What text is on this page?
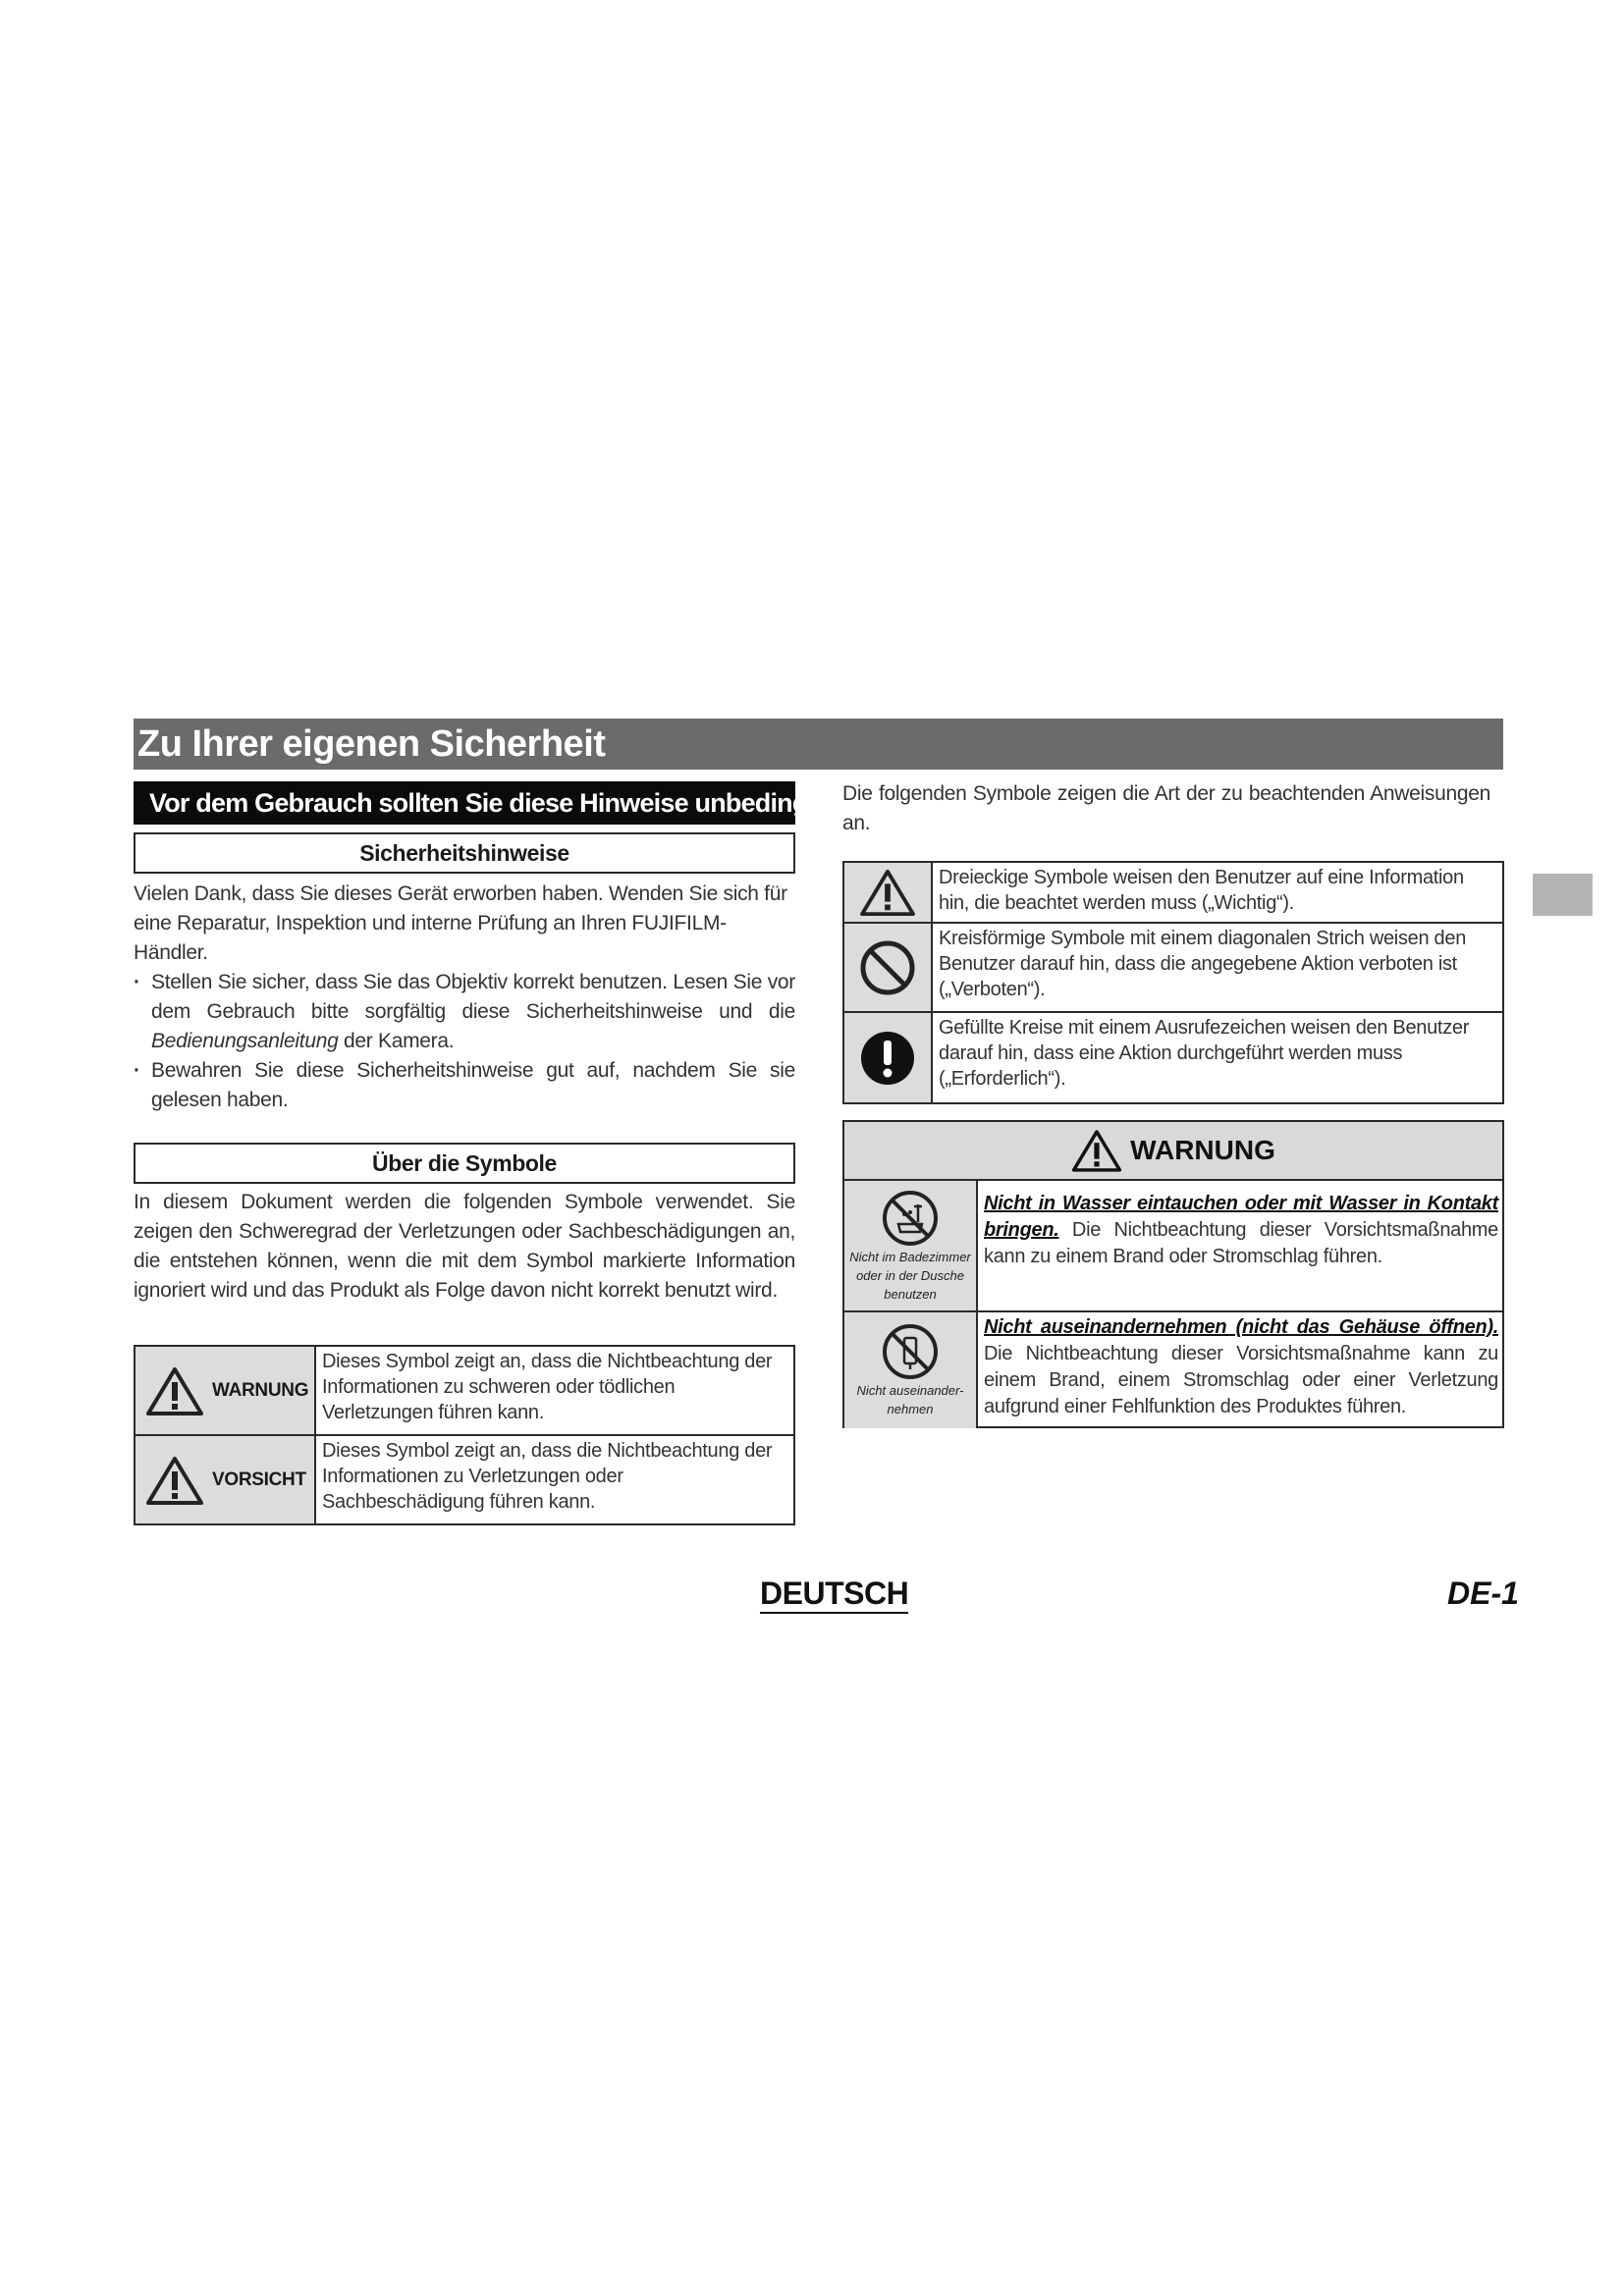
Zu Ihrer eigenen Sicherheit
Vor dem Gebrauch sollten Sie diese Hinweise unbedingt lesen
Sicherheitshinweise
Vielen Dank, dass Sie dieses Gerät erworben haben. Wenden Sie sich für eine Reparatur, Inspektion und interne Prüfung an Ihren FUJIFILM-Händler.
· Stellen Sie sicher, dass Sie das Objektiv korrekt benutzen. Lesen Sie vor dem Gebrauch bitte sorgfältig diese Sicherheitshinweise und die Bedienungsanleitung der Kamera.
· Bewahren Sie diese Sicherheitshinweise gut auf, nachdem Sie sie gelesen haben.
Über die Symbole
In diesem Dokument werden die folgenden Symbole verwendet. Sie zeigen den Schweregrad der Verletzungen oder Sachbeschädigungen an, die entstehen können, wenn die mit dem Symbol markierte Information ignoriert wird und das Produkt als Folge davon nicht korrekt benutzt wird.
WARNUNG
Dieses Symbol zeigt an, dass die Nichtbeachtung der Informationen zu schweren oder tödlichen Verletzungen führen kann.
VORSICHT
Dieses Symbol zeigt an, dass die Nichtbeachtung der Informationen zu Verletzungen oder Sachbeschädigung führen kann.
Die folgenden Symbole zeigen die Art der zu beachtenden Anweisungen an.
Dreieckige Symbole weisen den Benutzer auf eine Information hin, die beachtet werden muss („Wichtig“).
Kreisförmige Symbole mit einem diagonalen Strich weisen den Benutzer darauf hin, dass die angegebene Aktion verboten ist („Verboten“).
Gefüllte Kreise mit einem Ausrufezeichen weisen den Benutzer darauf hin, dass eine Aktion durchgeführt werden muss („Erforderlich“).
WARNUNG
Nicht im Badezimmer oder in der Dusche benutzen
Nicht in Wasser eintauchen oder mit Wasser in Kontakt bringen. Die Nichtbeachtung dieser Vorsichtsmaßnahme kann zu einem Brand oder Stromschlag führen.
Nicht auseinander-nehmen
Nicht auseinandernehmen (nicht das Gehäuse öffnen). Die Nichtbeachtung dieser Vorsichtsmaßnahme kann zu einem Brand, einem Stromschlag oder einer Verletzung aufgrund einer Fehlfunktion des Produktes führen.
DEUTSCH	DE-1
